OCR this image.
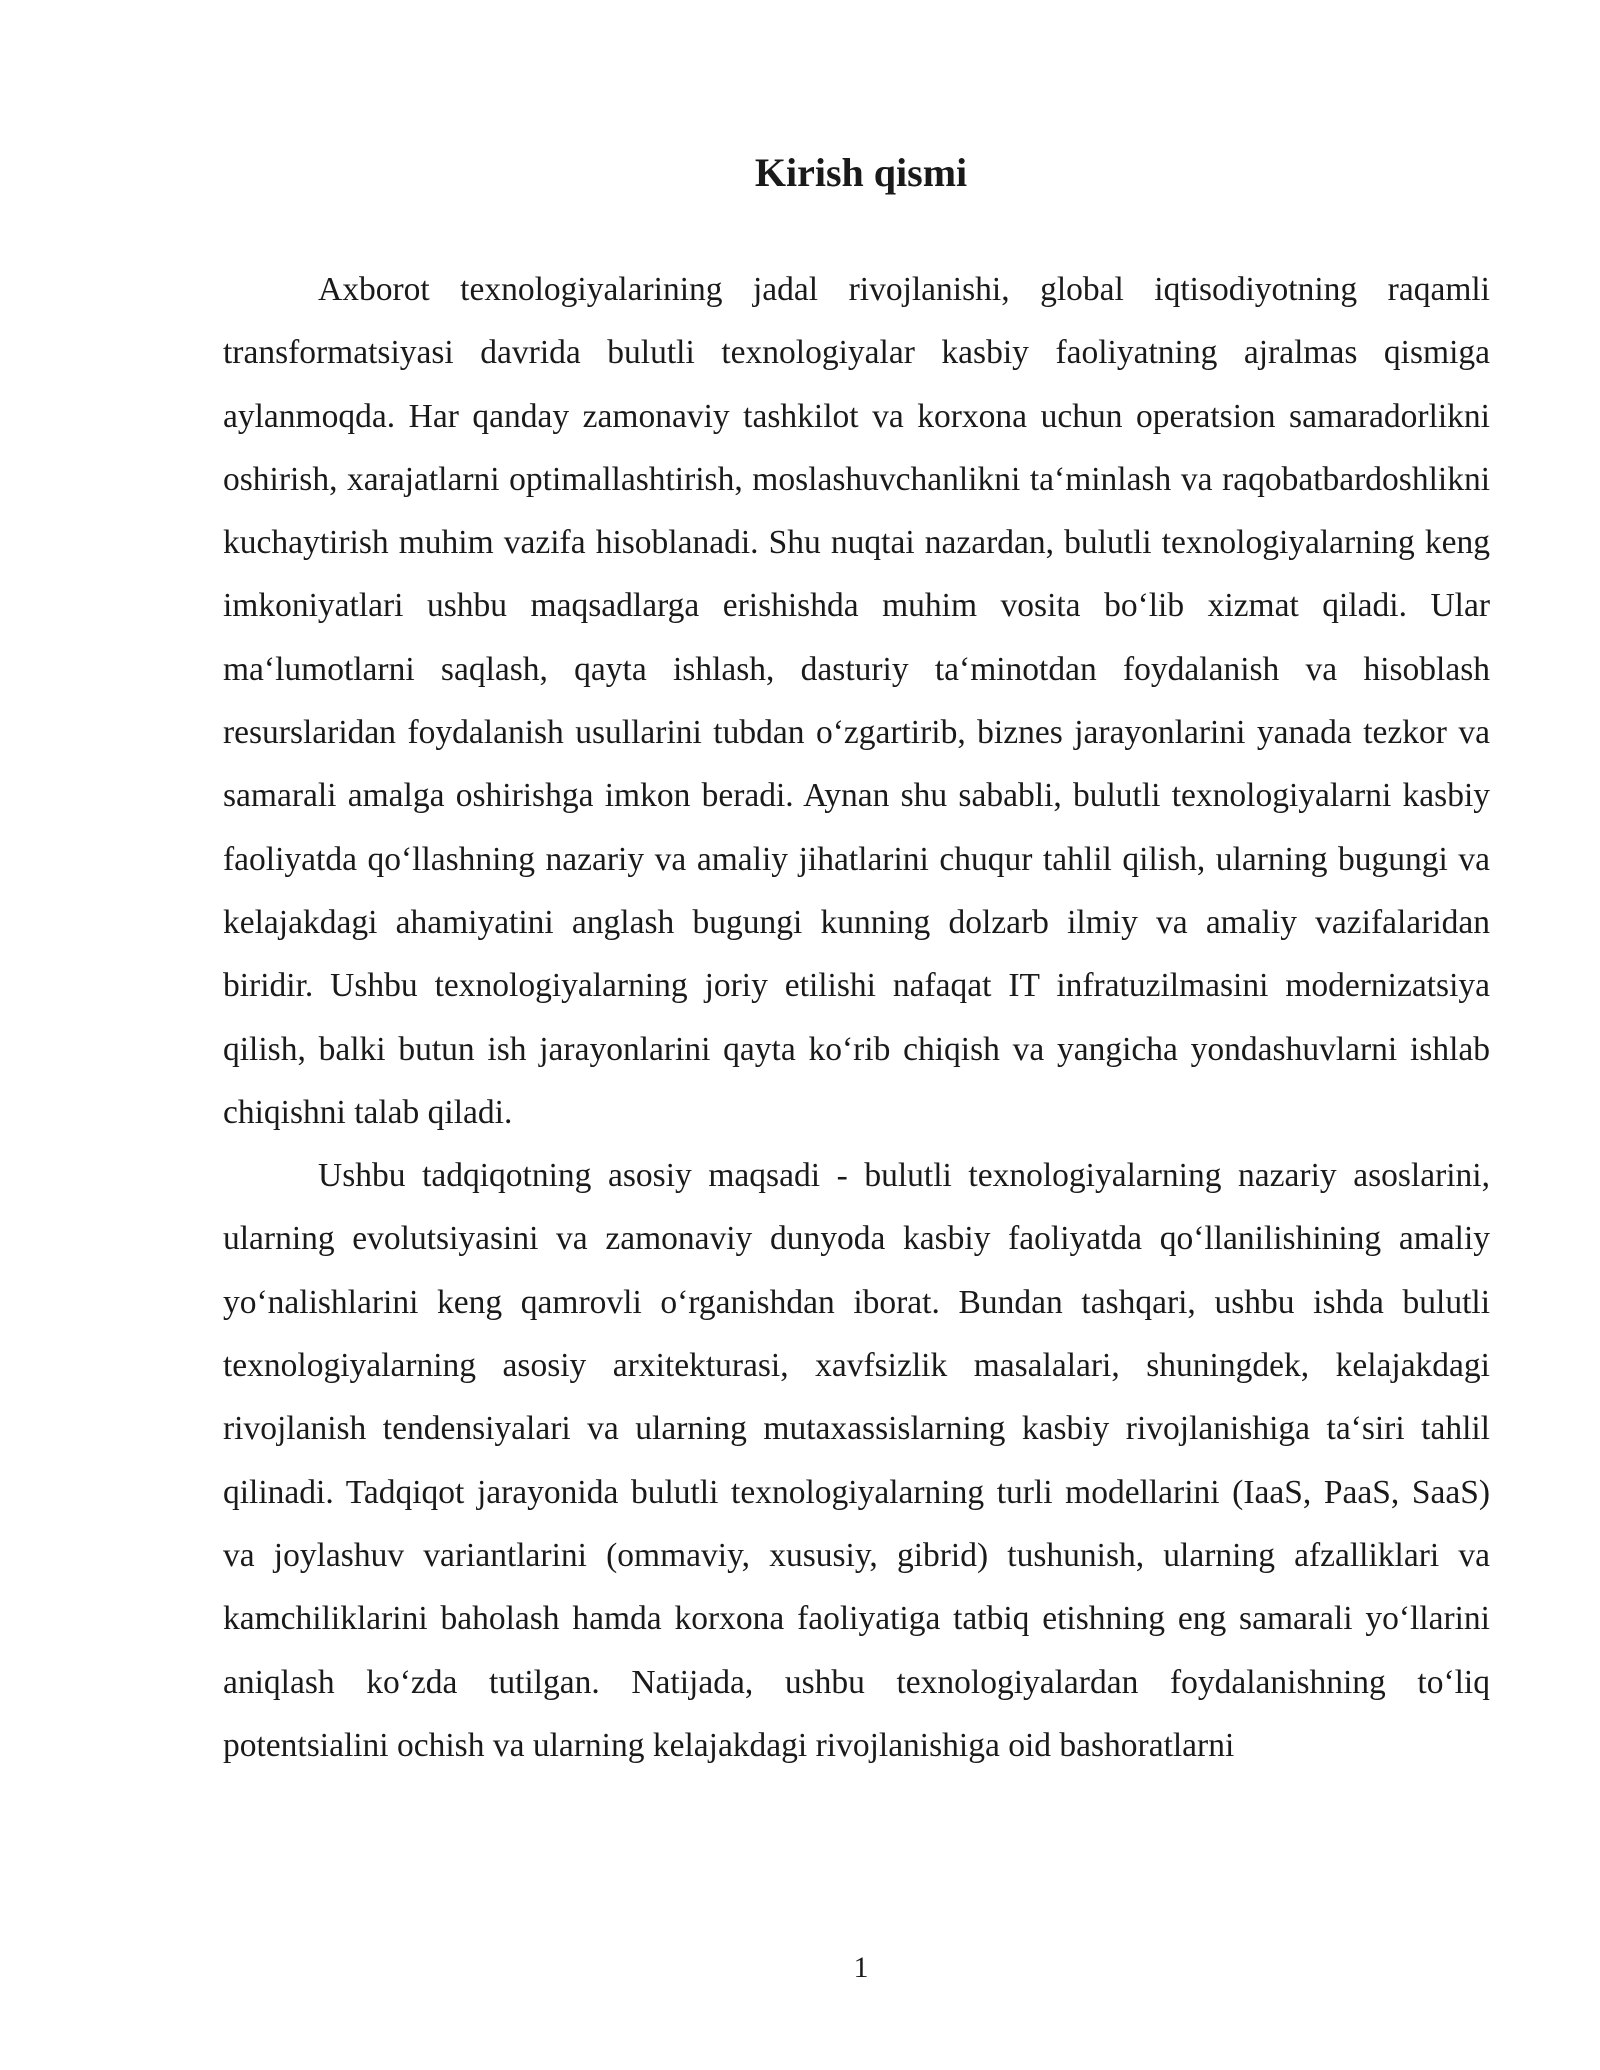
Kirish qismi

Axborot texnologiyalarining jadal rivojlanishi, global iqtisodiyotning raqamli transformatsiyasi davrida bulutli texnologiyalar kasbiy faoliyatning ajralmas qismiga aylanmoqda. Har qanday zamonaviy tashkilot va korxona uchun operatsion samaradorlikni oshirish, xarajatlarni optimallashtirish, moslashuvchanlikni ta‘minlash va raqobatbardoshlikni kuchaytirish muhim vazifa hisoblanadi. Shu nuqtai nazardan, bulutli texnologiyalarning keng imkoniyatlari ushbu maqsadlarga erishishda muhim vosita bo‘lib xizmat qiladi. Ular ma‘lumotlarni saqlash, qayta ishlash, dasturiy ta‘minotdan foydalanish va hisoblash resurslaridan foydalanish usullarini tubdan o‘zgartirib, biznes jarayonlarini yanada tezkor va samarali amalga oshirishga imkon beradi. Aynan shu sababli, bulutli texnologiyalarni kasbiy faoliyatda qo‘llashning nazariy va amaliy jihatlarini chuqur tahlil qilish, ularning bugungi va kelajakdagi ahamiyatini anglash bugungi kunning dolzarb ilmiy va amaliy vazifalaridan biridir. Ushbu texnologiyalarning joriy etilishi nafaqat IT infratuzilmasini modernizatsiya qilish, balki butun ish jarayonlarini qayta ko‘rib chiqish va yangicha yondashuvlarni ishlab chiqishni talab qiladi.

Ushbu tadqiqotning asosiy maqsadi - bulutli texnologiyalarning nazariy asoslarini, ularning evolutsiyasini va zamonaviy dunyoda kasbiy faoliyatda qo‘llanilishining amaliy yo‘nalishlarini keng qamrovli o‘rganishdan iborat. Bundan tashqari, ushbu ishda bulutli texnologiyalarning asosiy arxitekturasi, xavfsizlik masalalari, shuningdek, kelajakdagi rivojlanish tendensiyalari va ularning mutaxassislarning kasbiy rivojlanishiga ta‘siri tahlil qilinadi. Tadqiqot jarayonida bulutli texnologiyalarning turli modellarini (IaaS, PaaS, SaaS) va joylashuv variantlarini (ommaviy, xususiy, gibrid) tushunish, ularning afzalliklari va kamchiliklarini baholash hamda korxona faoliyatiga tatbiq etishning eng samarali yo‘llarini aniqlash ko‘zda tutilgan. Natijada, ushbu texnologiyalardan foydalanishning to‘liq potentsialini ochish va ularning kelajakdagi rivojlanishiga oid bashoratlarni

1
